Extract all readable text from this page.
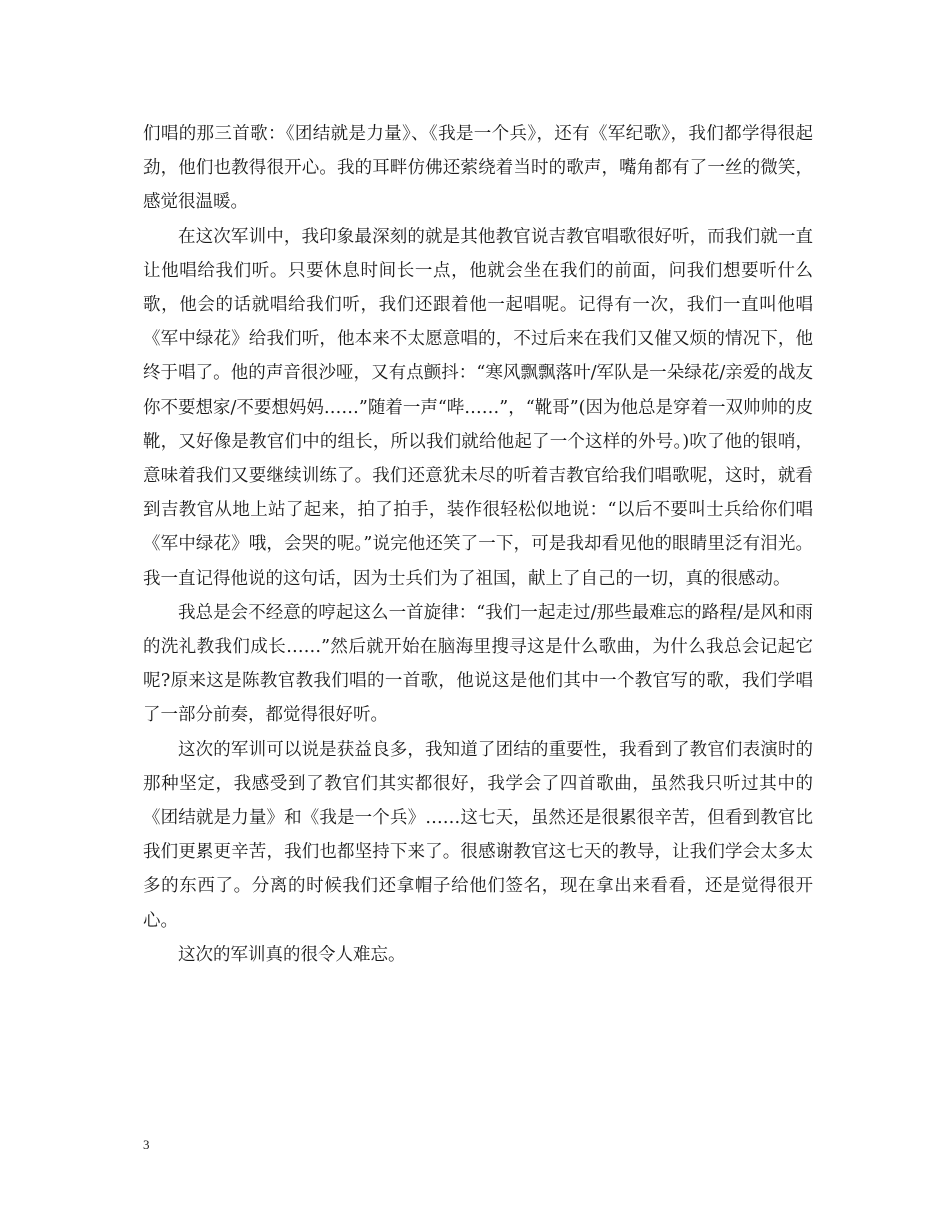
们唱的那三首歌：《团结就是力量》、《我是一个兵》，还有《军纪歌》，我们都学得很起劲，他们也教得很开心。我的耳畔仿佛还萦绕着当时的歌声，嘴角都有了一丝的微笑，感觉很温暖。

在这次军训中，我印象最深刻的就是其他教官说吉教官唱歌很好听，而我们就一直让他唱给我们听。只要休息时间长一点，他就会坐在我们的前面，问我们想要听什么歌，他会的话就唱给我们听，我们还跟着他一起唱呢。记得有一次，我们一直叫他唱《军中绿花》给我们听，他本来不太愿意唱的，不过后来在我们又催又烦的情况下，他终于唱了。他的声音很沙哑，又有点颤抖：“寒风飘飘落叶/军队是一朵绿花/亲爱的战友你不要想家/不要想妈妈……”随着一声“哔……”，“靴哥”(因为他总是穿着一双帅帅的皮靴，又好像是教官们中的组长，所以我们就给他起了一个这样的外号。)吹了他的银哨，意味着我们又要继续训练了。我们还意犹未尽的听着吉教官给我们唱歌呢，这时，就看到吉教官从地上站了起来，拍了拍手，装作很轻松似地说：“以后不要叫士兵给你们唱《军中绿花》哦，会哭的呢。”说完他还笑了一下，可是我却看见他的眼睛里泛有泪光。我一直记得他说的这句话，因为士兵们为了祖国，献上了自己的一切，真的很感动。

我总是会不经意的哼起这么一首旋律：“我们一起走过/那些最难忘的路程/是风和雨的洗礼教我们成长……”然后就开始在脑海里搜寻这是什么歌曲，为什么我总会记起它呢?原来这是陈教官教我们唱的一首歌，他说这是他们其中一个教官写的歌，我们学唱了一部分前奏，都觉得很好听。

这次的军训可以说是获益良多，我知道了团结的重要性，我看到了教官们表演时的那种坚定，我感受到了教官们其实都很好，我学会了四首歌曲，虽然我只听过其中的《团结就是力量》和《我是一个兵》……这七天，虽然还是很累很辛苦，但看到教官比我们更累更辛苦，我们也都坚持下来了。很感谢教官这七天的教导，让我们学会太多太多的东西了。分离的时候我们还拿帽子给他们签名，现在拿出来看看，还是觉得很开心。

这次的军训真的很令人难忘。

3
